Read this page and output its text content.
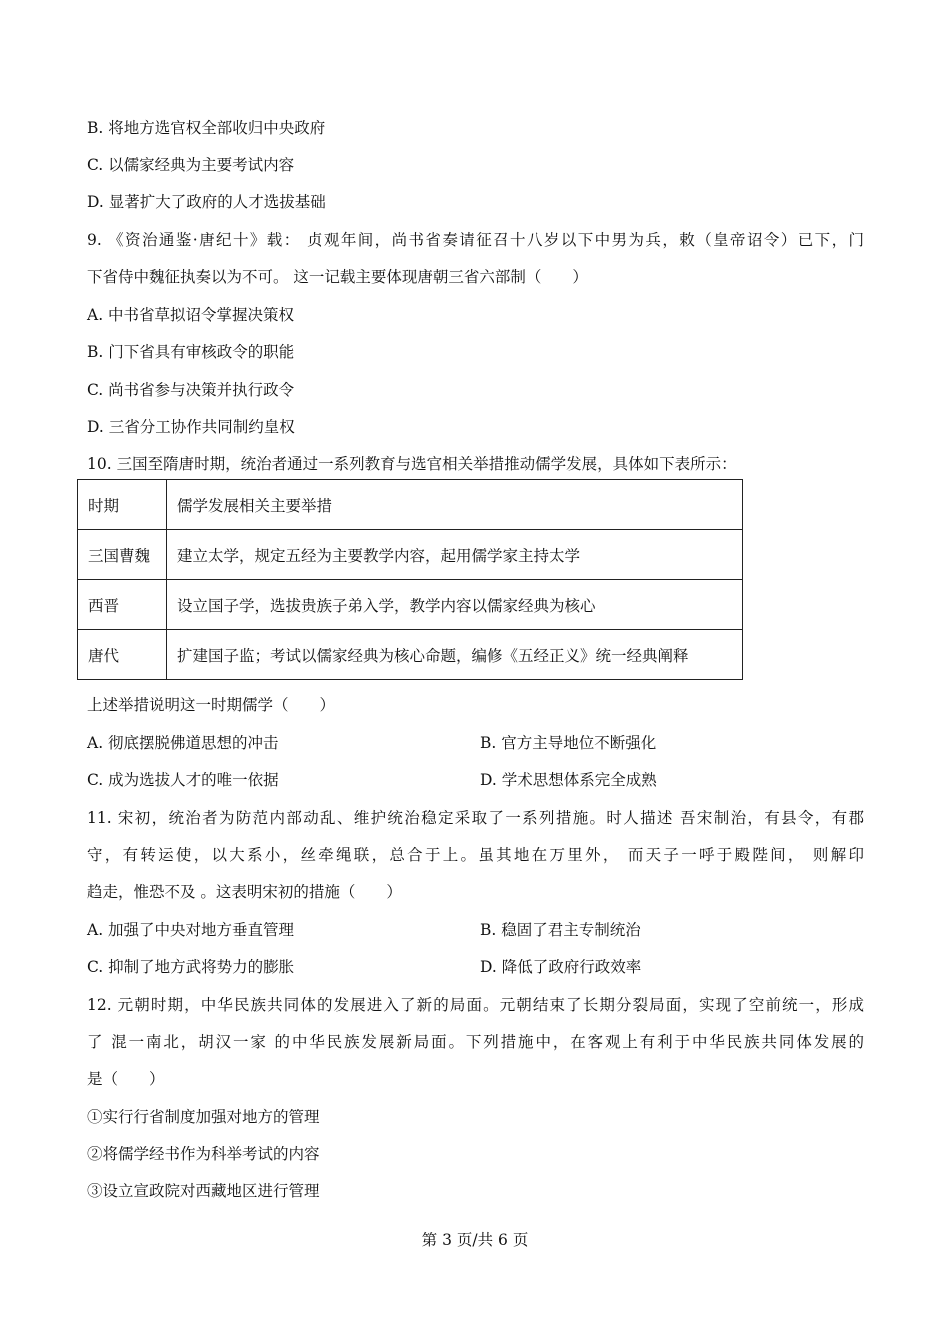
B. 将地方选官权全部收归中央政府
C. 以儒家经典为主要考试内容
D. 显著扩大了政府的人才选拔基础
9. 《资治通鉴·唐纪十》载： 贞观年间，尚书省奏请征召十八岁以下中男为兵，敕（皇帝诏令）已下，门
下省侍中魏征执奏以为不可。 这一记载主要体现唐朝三省六部制（　　）
A. 中书省草拟诏令掌握决策权
B. 门下省具有审核政令的职能
C. 尚书省参与决策并执行政令
D. 三省分工协作共同制约皇权
10. 三国至隋唐时期，统治者通过一系列教育与选官相关举措推动儒学发展，具体如下表所示：
时期	儒学发展相关主要举措
三国曹魏	建立太学，规定五经为主要教学内容，起用儒学家主持太学
西晋	设立国子学，选拔贵族子弟入学，教学内容以儒家经典为核心
唐代	扩建国子监；考试以儒家经典为核心命题，编修《五经正义》统一经典阐释
上述举措说明这一时期儒学（　　）
A. 彻底摆脱佛道思想的冲击	B. 官方主导地位不断强化
C. 成为选拔人才的唯一依据	D. 学术思想体系完全成熟
11. 宋初，统治者为防范内部动乱、维护统治稳定采取了一系列措施。时人描述 吾宋制治，有县令，有郡
守，有转运使，以大系小，丝牵绳联，总合于上。虽其地在万里外， 而天子一呼于殿陛间， 则解印
趋走，惟恐不及 。这表明宋初的措施（　　）
A. 加强了中央对地方垂直管理	B. 稳固了君主专制统治
C. 抑制了地方武将势力的膨胀	D. 降低了政府行政效率
12. 元朝时期，中华民族共同体的发展进入了新的局面。元朝结束了长期分裂局面，实现了空前统一，形成
了 混一南北，胡汉一家 的中华民族发展新局面。下列措施中，在客观上有利于中华民族共同体发展的
是（　　）
①实行行省制度加强对地方的管理
②将儒学经书作为科举考试的内容
③设立宣政院对西藏地区进行管理
第 3 页/共 6 页
